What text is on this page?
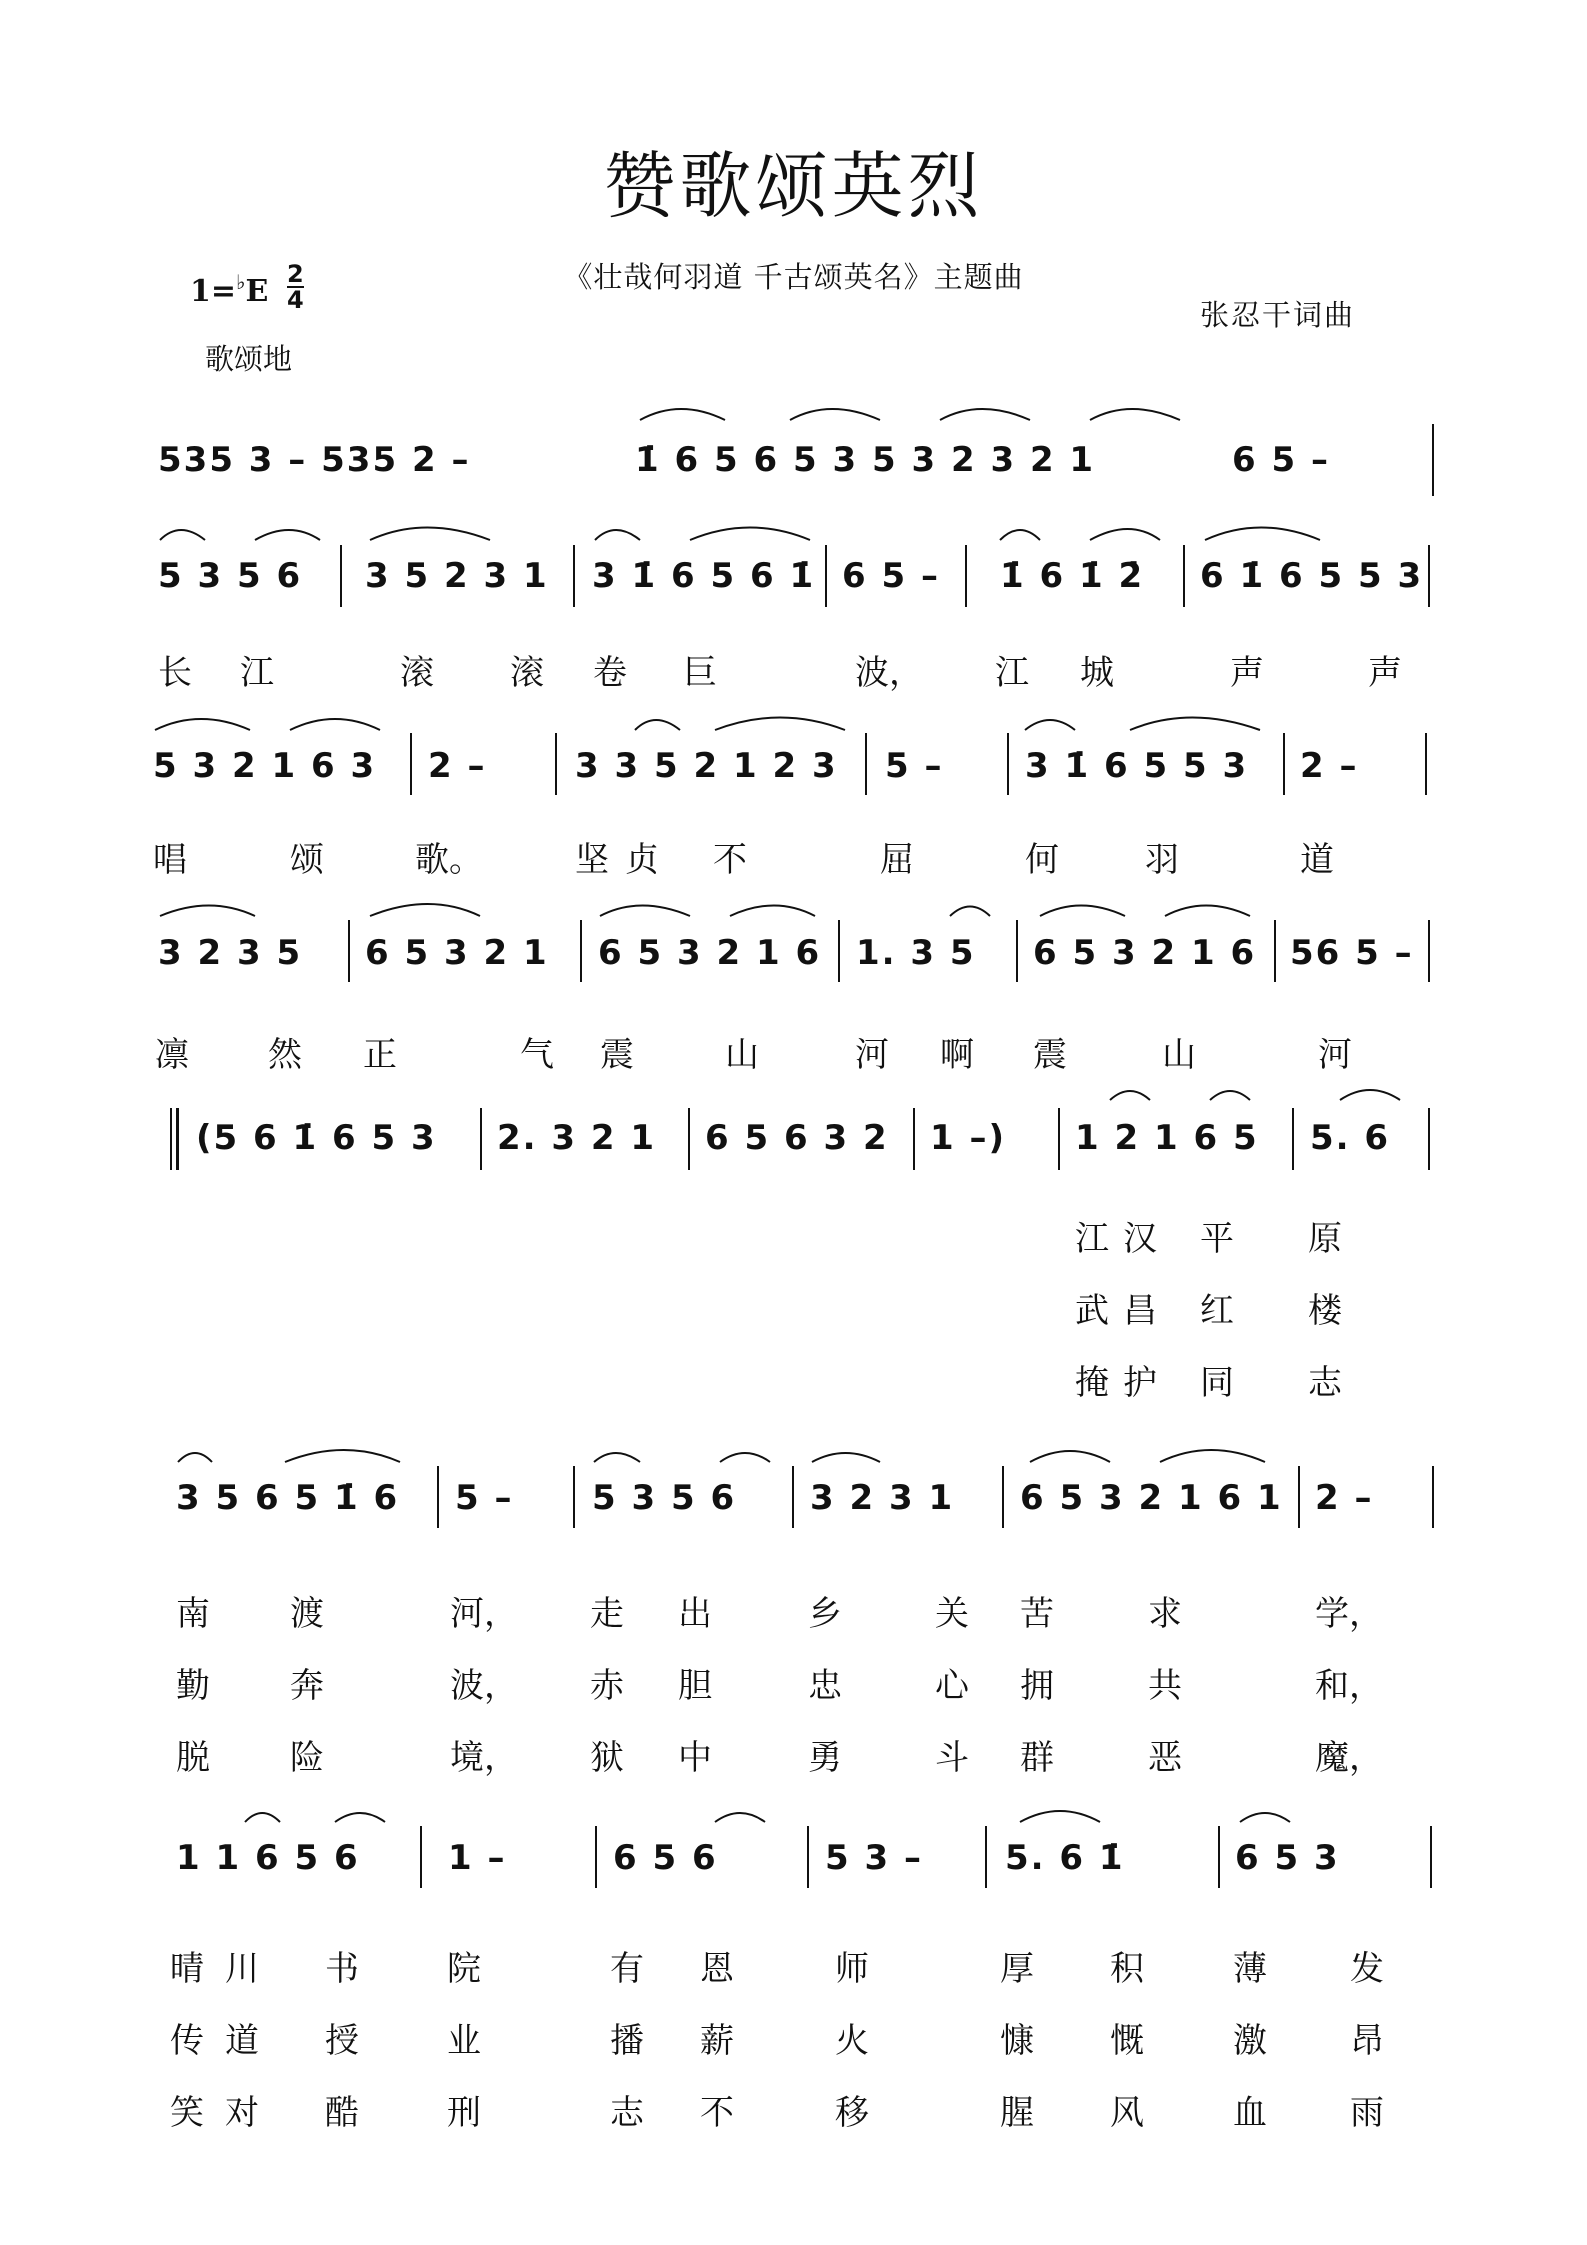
赞歌颂英烈
《壮哉何羽道 千古颂英名》主题曲
$1=^♭E \frac{2}{4}$
张忍干词曲
歌颂地
535 3 – 535 2 –	1̇ 6 5 6 5 3 5 3 2 3 2 1	6 5 –
5 3 5 6 3 5 2 3 1 3 1̇ 6 5 6 1̇ 6 5 – 1̇ 6 1̇ 2̇ 6 1̇ 6 5 5 3
长 江	滚 滚 卷 巨	波， 江 城	声	声
5 3 2 1 6 3 2 –	3 3 5 2 1 2 3 5 – 3 1̇ 6 5 5 3 2 –
唱	颂	歌。	坚 贞 不	屈	何	羽	道
3 2 3 5 6 5 3 2 1 6 5 3 2 1 6 1. 3 5 6 5 3 2 1 6 56 5 –
凛 然 正	气 震	山	河 啊 震	山	河
(5 6 1̇ 6 5 3 2. 3 2 1 6 5 6 3 2 1 –) 1 2 1 6 5 5. 6
江 汉 平 原
武 昌 红 楼
掩 护 同 志
3 5 6 5 1̇ 6 5 – 5 3 5 6 3 2 3 1 6 5 3 2 1 6 1 2 –
南 渡	河， 走 出	乡	关 苦	求	学，
勤 奔	波， 赤 胆	忠	心 拥	共	和，
脱 险	境， 狱 中	勇	斗 群	恶	魔，
1 1 6 5 6	1 –	6 5 6	5 3 – 5. 6 1̇	6 5 3
晴 川 书	院	有 恩	师	厚 积	薄 发
传 道 授	业	播 薪	火	慷 慨	激 昂
笑 对 酷	刑	志 不	移	腥 风	血 雨
